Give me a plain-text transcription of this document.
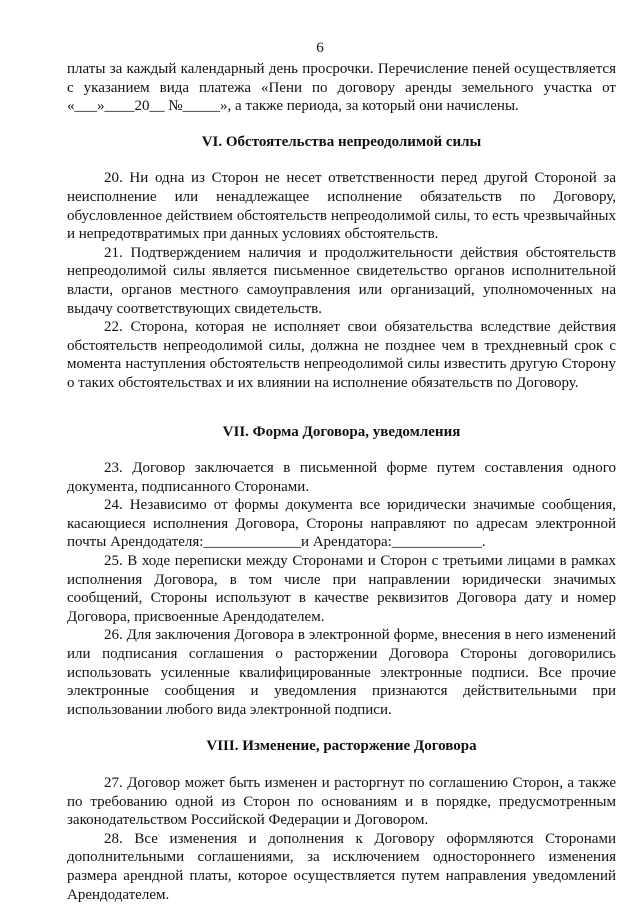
6

платы за каждый календарный день просрочки. Перечисление пеней осуществляется с указанием вида платежа «Пени по договору аренды земельного участка от «___»____20__ №_____», а также периода, за который они начислены.

VI. Обстоятельства непреодолимой силы

20. Ни одна из Сторон не несет ответственности перед другой Стороной за неисполнение или ненадлежащее исполнение обязательств по Договору, обусловленное действием обстоятельств непреодолимой силы, то есть чрезвычайных и непредотвратимых при данных условиях обстоятельств.

21. Подтверждением наличия и продолжительности действия обстоятельств непреодолимой силы является письменное свидетельство органов исполнительной власти, органов местного самоуправления или организаций, уполномоченных на выдачу соответствующих свидетельств.

22. Сторона, которая не исполняет свои обязательства вследствие действия обстоятельств непреодолимой силы, должна не позднее чем в трехдневный срок с момента наступления обстоятельств непреодолимой силы известить другую Сторону о таких обстоятельствах и их влиянии на исполнение обязательств по Договору.

VII. Форма Договора, уведомления

23. Договор заключается в письменной форме путем составления одного документа, подписанного Сторонами.

24. Независимо от формы документа все юридически значимые сообщения, касающиеся исполнения Договора, Стороны направляют по адресам электронной почты Арендодателя:_____________и Арендатора:____________.

25. В ходе переписки между Сторонами и Сторон с третьими лицами в рамках исполнения Договора, в том числе при направлении юридически значимых сообщений, Стороны используют в качестве реквизитов Договора дату и номер Договора, присвоенные Арендодателем.

26. Для заключения Договора в электронной форме, внесения в него изменений или подписания соглашения о расторжении Договора Стороны договорились использовать усиленные квалифицированные электронные подписи. Все прочие электронные сообщения и уведомления признаются действительными при использовании любого вида электронной подписи.

VIII. Изменение, расторжение Договора

27. Договор может быть изменен и расторгнут по соглашению Сторон, а также по требованию одной из Сторон по основаниям и в порядке, предусмотренным законодательством Российской Федерации и Договором.

28. Все изменения и дополнения к Договору оформляются Сторонами дополнительными соглашениями, за исключением одностороннего изменения размера арендной платы, которое осуществляется путем направления уведомлений Арендодателем.
